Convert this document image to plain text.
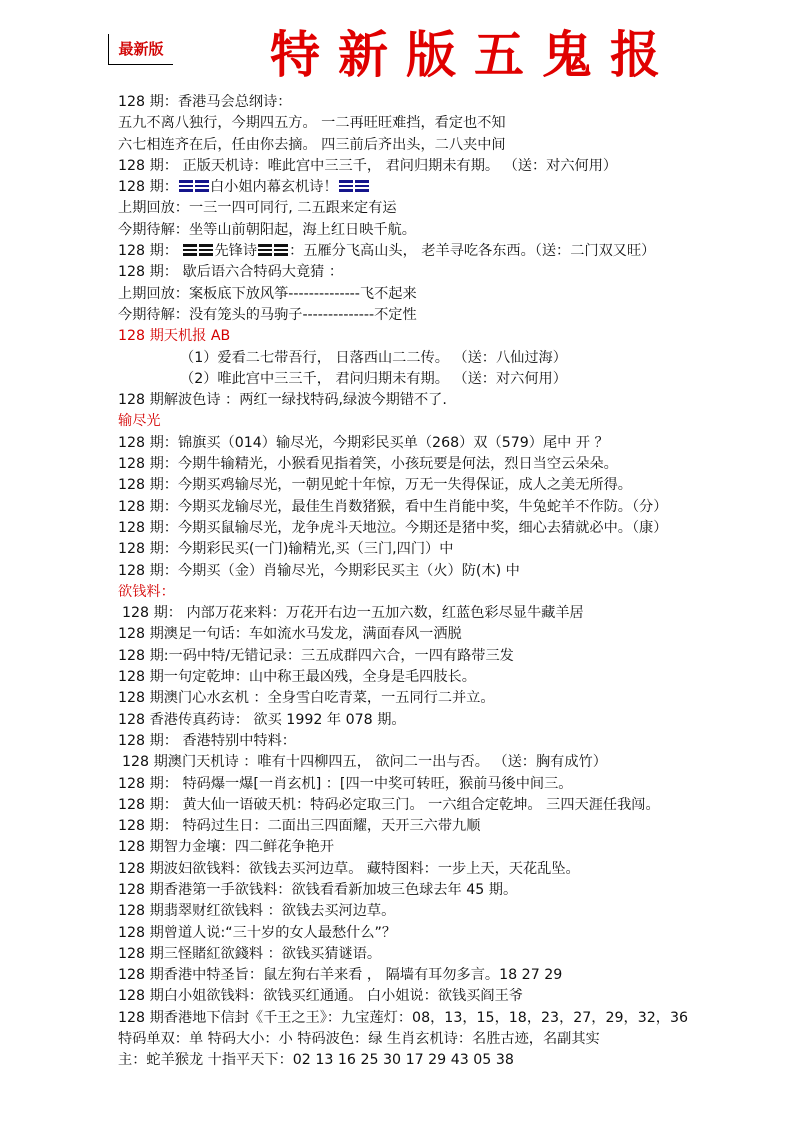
最新版 特新版五鬼报
128 期：香港马会总纲诗：
五九不离八独行，今期四五方。 一二再旺旺难挡，看定也不知
六七相连齐在后，任由你去摘。 四三前后齐出头，二八夹中间
128 期： 正版天机诗：唯此宫中三三千， 君问归期未有期。 （送：对六何用）
128 期： 白小姐内幕玄机诗！
上期回放：一三一四可同行, 二五跟来定有运
今期待解：坐等山前朝阳起，海上红日映千航。
128 期： 先锋诗 ：五雁分飞高山头， 老羊寻吃各东西。（送：二门双又旺）
128 期： 歇后语六合特码大竟猜 ：
上期回放：案板底下放风筝--------------飞不起来
今期待解：没有笼头的马驹子--------------不定性
128 期天机报 AB
（1）爱看二七带吾行， 日落西山二二传。 （送：八仙过海）
（2）唯此宫中三三千， 君问归期未有期。 （送：对六何用）
128 期解波色诗 ：两红一绿找特码,绿波今期错不了.
输尽光
128 期：锦旗买（014）输尽光，今期彩民买单（268）双（579）尾中 开 ？
128 期：今期牛输精光，小猴看见指着笑，小孩玩要是何法，烈日当空云朵朵。
128 期：今期买鸡输尽光，一朝见蛇十年惊，万无一失得保证，成人之美无所得。
128 期：今期买龙输尽光，最佳生肖数猪猴，看中生肖能中奖，牛兔蛇羊不作防。（分）
128 期：今期买鼠输尽光，龙争虎斗天地泣。今期还是猪中奖，细心去猜就必中。（康）
128 期：今期彩民买(一门)输精光,买（三门,四门）中
128 期：今期买（金）肖输尽光，今期彩民买主（火）防(木) 中
欲钱料：
128 期： 内部万花来料：万花开右边一五加六数，红蓝色彩尽显牛藏羊居
128 期澳足一句话：车如流水马发龙，满面春风一洒脱
128 期:一码中特/无错记录：三五成群四六合，一四有路带三发
128 期一句定乾坤：山中称王最凶残，全身是毛四肢长。
128 期澳门心水玄机 ：全身雪白吃青菜，一五同行二并立。
128 香港传真药诗： 欲买 1992 年 078 期。
128 期： 香港特别中特料：
128 期澳门天机诗 ：唯有十四柳四五， 欲问二一出与否。 （送：胸有成竹）
128 期： 特码爆一爆[一肖玄机] ：[四一中奖可转旺，猴前马後中间三。
128 期： 黄大仙一语破天机：特码必定取三门。 一六组合定乾坤。 三四天涯任我闯。
128 期： 特码过生日：二面出三四面耀，天开三六带九顺
128 期智力金壤：四二鲜花争艳开
128 期波妇欲钱料：欲钱去买河边草。 藏特图料：一步上天，天花乱坠。
128 期香港第一手欲钱料：欲钱看看新加坡三色球去年 45 期。
128 期翡翠财红欲钱料 ：欲钱去买河边草。
128 期曾道人说:“三十岁的女人最愁什么”？
128 期三怪賭紅欲錢料 ：欲钱买猜谜语。
128 期香港中特圣旨：鼠左狗右羊来看 ， 隔墙有耳勿多言。18 27 29
128 期白小姐欲钱料：欲钱买红通通。 白小姐说：欲钱买阎王爷
128 期香港地下信封《千王之王》：九宝莲灯：08，13，15，18，23，27，29，32，36
特码单双：单 特码大小：小 特码波色：绿 生肖玄机诗：名胜古迹，名副其实
主：蛇羊猴龙 十指平天下：02 13 16 25 30 17 29 43 05 38
